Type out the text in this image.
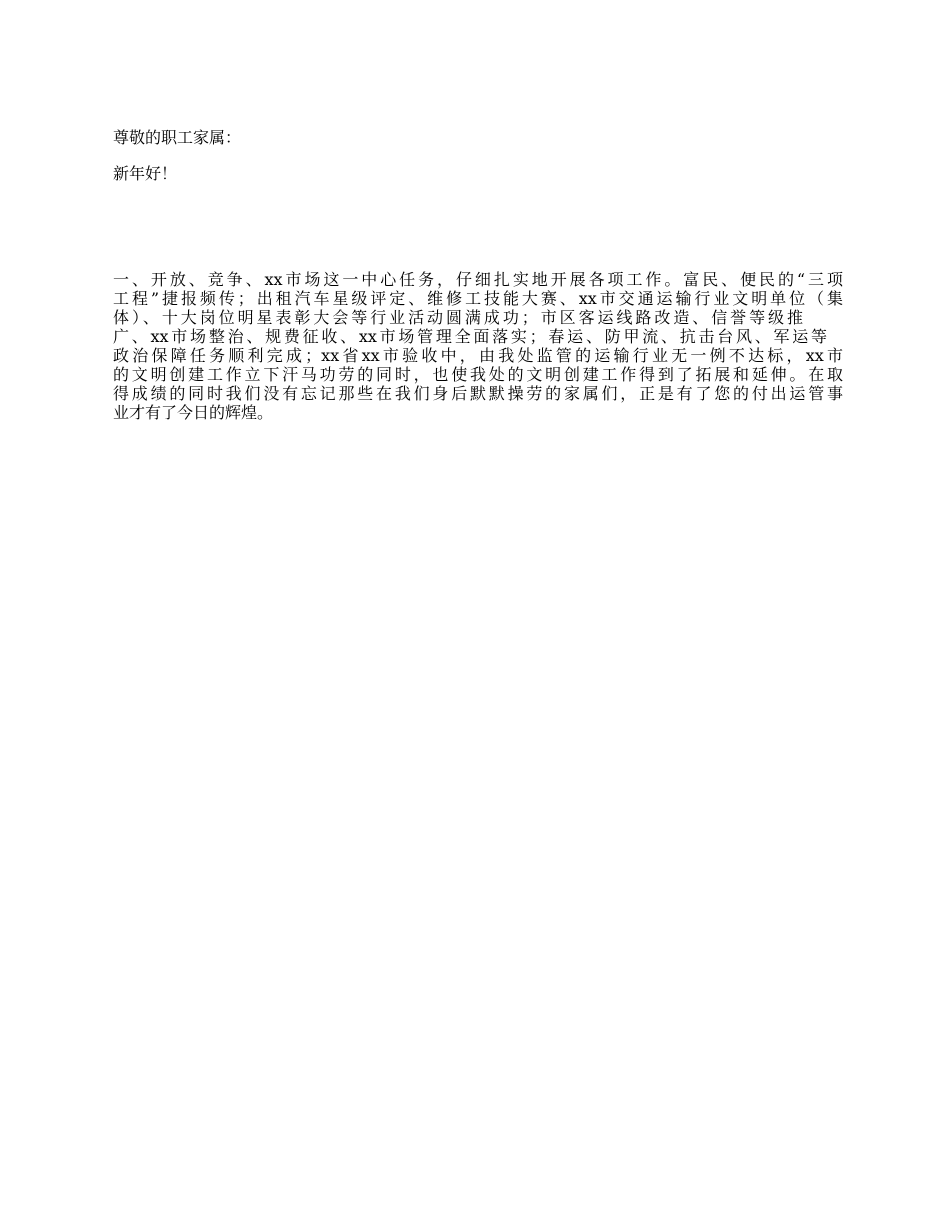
尊敬的职工家属：
新年好！
一、开放、竞争、xx市场这一中心任务，仔细扎实地开展各项工作。富民、便民的“三项
工程”捷报频传；出租汽车星级评定、维修工技能大赛、xx市交通运输行业文明单位（集
体）、十大岗位明星表彰大会等行业活动圆满成功；市区客运线路改造、信誉等级推
广、xx市场整治、规费征收、xx市场管理全面落实；春运、防甲流、抗击台风、军运等
政治保障任务顺利完成；xx省xx市验收中，由我处监管的运输行业无一例不达标，xx市
的文明创建工作立下汗马功劳的同时，也使我处的文明创建工作得到了拓展和延伸。在取
得成绩的同时我们没有忘记那些在我们身后默默操劳的家属们，正是有了您的付出运管事
业才有了今日的辉煌。
